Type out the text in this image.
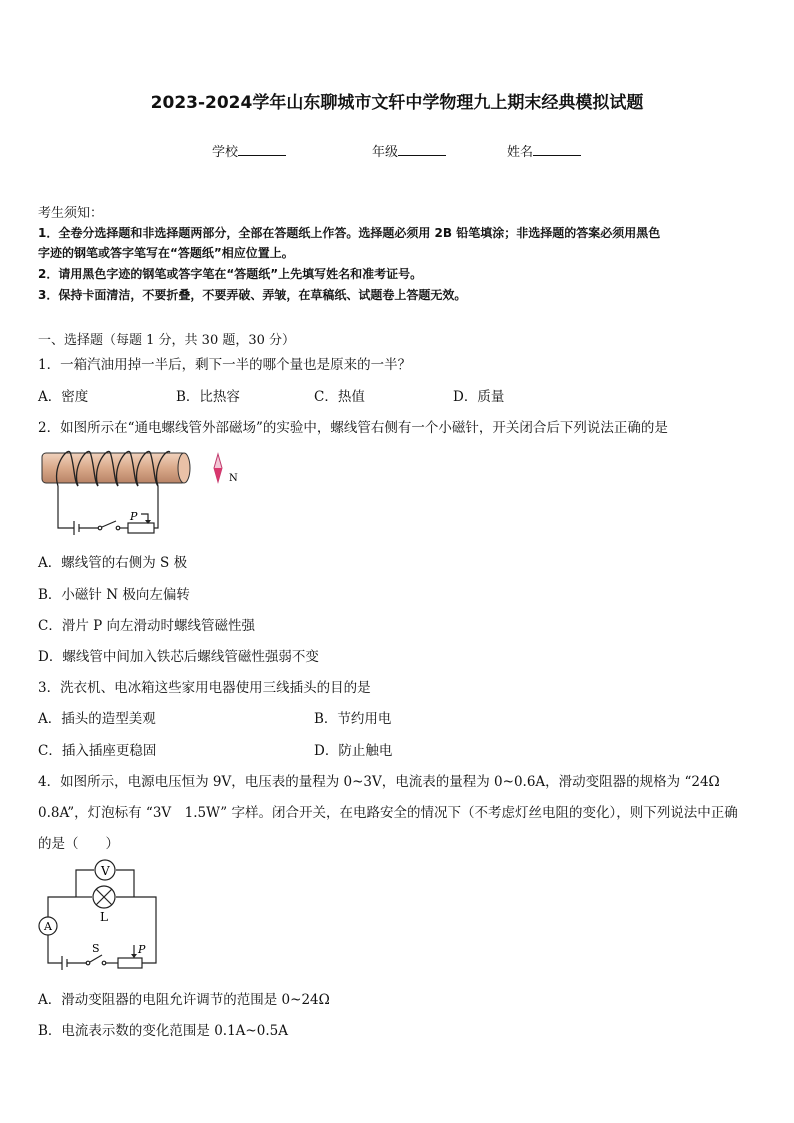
2023-2024学年山东聊城市文轩中学物理九上期末经典模拟试题
学校	年级	姓名
考生须知：
1．全卷分选择题和非选择题两部分，全部在答题纸上作答。选择题必须用 2B 铅笔填涂；非选择题的答案必须用黑色
字迹的钢笔或答字笔写在“答题纸”相应位置上。
2．请用黑色字迹的钢笔或答字笔在“答题纸”上先填写姓名和准考证号。
3．保持卡面清洁，不要折叠，不要弄破、弄皱，在草稿纸、试题卷上答题无效。
一、选择题（每题 1 分，共 30 题，30 分）
1．一箱汽油用掉一半后，剩下一半的哪个量也是原来的一半？
A．密度	B．比热容	C．热值	D．质量
2．如图所示在“通电螺线管外部磁场”的实验中，螺线管右侧有一个小磁针，开关闭合后下列说法正确的是
P
N
A．螺线管的右侧为 S 极
B．小磁针 N 极向左偏转
C．滑片 P 向左滑动时螺线管磁性强
D．螺线管中间加入铁芯后螺线管磁性强弱不变
3．洗衣机、电冰箱这些家用电器使用三线插头的目的是
A．插头的造型美观	B．节约用电
C．插入插座更稳固	D．防止触电
4．如图所示，电源电压恒为 9V，电压表的量程为 0~3V，电流表的量程为 0~0.6A，滑动变阻器的规格为 “24Ω
0.8A”，灯泡标有 “3V　1.5W” 字样。闭合开关，在电路安全的情况下（不考虑灯丝电阻的变化），则下列说法中正确
的是（　　）
V
L
A
S	P
A．滑动变阻器的电阻允许调节的范围是 0~24Ω
B．电流表示数的变化范围是 0.1A~0.5A
